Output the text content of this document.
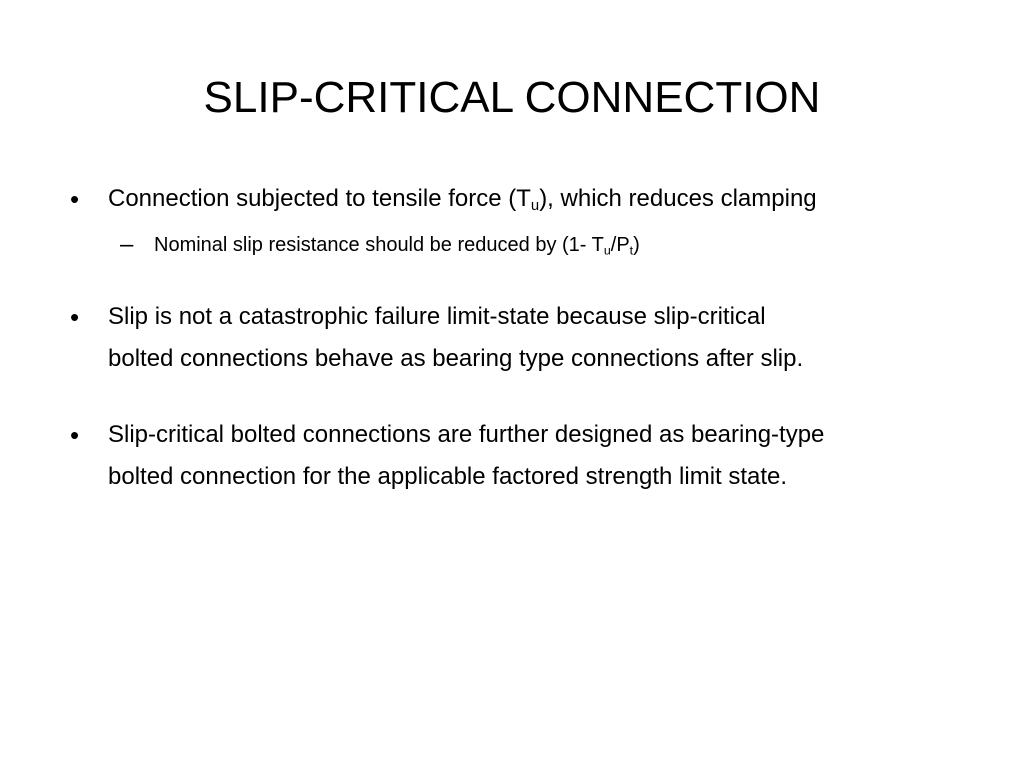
SLIP-CRITICAL CONNECTION
• Connection subjected to tensile force $(T_u)$, which reduces clamping
– Nominal slip resistance should be reduced by (1- $T_u/P_t$)
• Slip is not a catastrophic failure limit-state because slip-critical
bolted connections behave as bearing type connections after slip.
• Slip-critical bolted connections are further designed as bearing-type
bolted connection for the applicable factored strength limit state.
